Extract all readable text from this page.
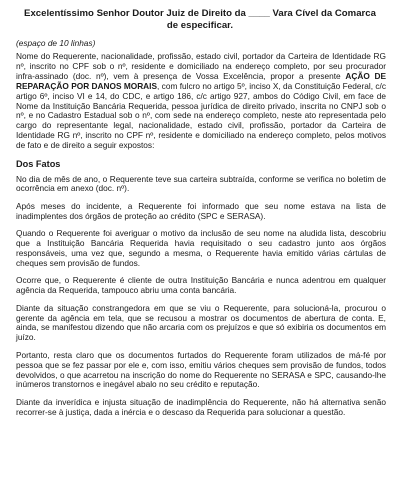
Excelentíssimo Senhor Doutor Juiz de Direito da ____ Vara Cível da Comarca
de especificar.
(espaço de 10 linhas)

Nome do Requerente, nacionalidade, profissão, estado civil, portador da Carteira de Identidade RG nº, inscrito no CPF sob o nº, residente e domiciliado na endereço completo, por seu procurador infra-assinado (doc. nº), vem à presença de Vossa Excelência, propor a presente AÇÃO DE REPARAÇÃO POR DANOS MORAIS, com fulcro no artigo 5º, inciso X, da Constituição Federal, c/c artigo 6º, inciso VI e 14, do CDC, e artigo 186, c/c artigo 927, ambos do Código Civil, em face de Nome da Instituição Bancária Requerida, pessoa jurídica de direito privado, inscrita no CNPJ sob o nº, e no Cadastro Estadual sob o nº, com sede na endereço completo, neste ato representada pelo cargo do representante legal, nacionalidade, estado civil, profissão, portador da Carteira de Identidade RG nº, inscrito no CPF nº, residente e domiciliado na endereço completo, pelos motivos de fato e de direito a seguir expostos:

Dos Fatos

No dia de mês de ano, o Requerente teve sua carteira subtraída, conforme se verifica no boletim de ocorrência em anexo (doc. nº).

Após meses do incidente, a Requerente foi informado que seu nome estava na lista de inadimplentes dos órgãos de proteção ao crédito (SPC e SERASA).

Quando o Requerente foi averiguar o motivo da inclusão de seu nome na aludida lista, descobriu que a Instituição Bancária Requerida havia requisitado o seu cadastro junto aos órgãos responsáveis, uma vez que, segundo a mesma, o Requerente havia emitido várias cártulas de cheques sem provisão de fundos.

Ocorre que, o Requerente é cliente de outra Instituição Bancária e nunca adentrou em qualquer agência da Requerida, tampouco abriu uma conta bancária.

Diante da situação constrangedora em que se viu o Requerente, para solucioná-la, procurou o gerente da agência em tela, que se recusou a mostrar os documentos de abertura de conta. E, ainda, se manifestou dizendo que não arcaria com os prejuízos e que só exibiria os documentos em juízo.

Portanto, resta claro que os documentos furtados do Requerente foram utilizados de má-fé por pessoa que se fez passar por ele e, com isso, emitiu vários cheques sem provisão de fundos, todos devolvidos, o que acarretou na inscrição do nome do Requerente no SERASA e SPC, causando-lhe inúmeros transtornos e inegável abalo no seu crédito e reputação.

Diante da inverídica e injusta situação de inadimplência do Requerente, não há alternativa senão recorrer-se à justiça, dada a inércia e o descaso da Requerida para solucionar a questão.
